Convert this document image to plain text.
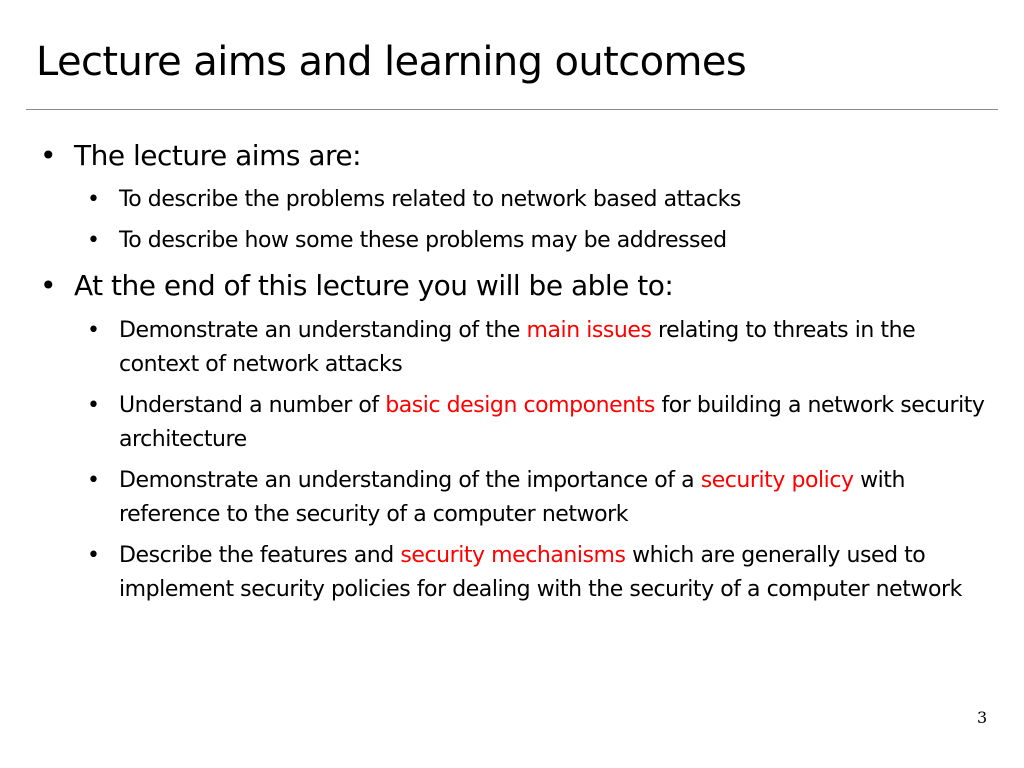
Lecture aims and learning outcomes
• The lecture aims are:
• To describe the problems related to network based attacks
• To describe how some these problems may be addressed
• At the end of this lecture you will be able to:
• Demonstrate an understanding of the main issues relating to threats in the context of network attacks
• Understand a number of basic design components for building a network security architecture
• Demonstrate an understanding of the importance of a security policy with reference to the security of a computer network
• Describe the features and security mechanisms which are generally used to implement security policies for dealing with the security of a computer network
3
